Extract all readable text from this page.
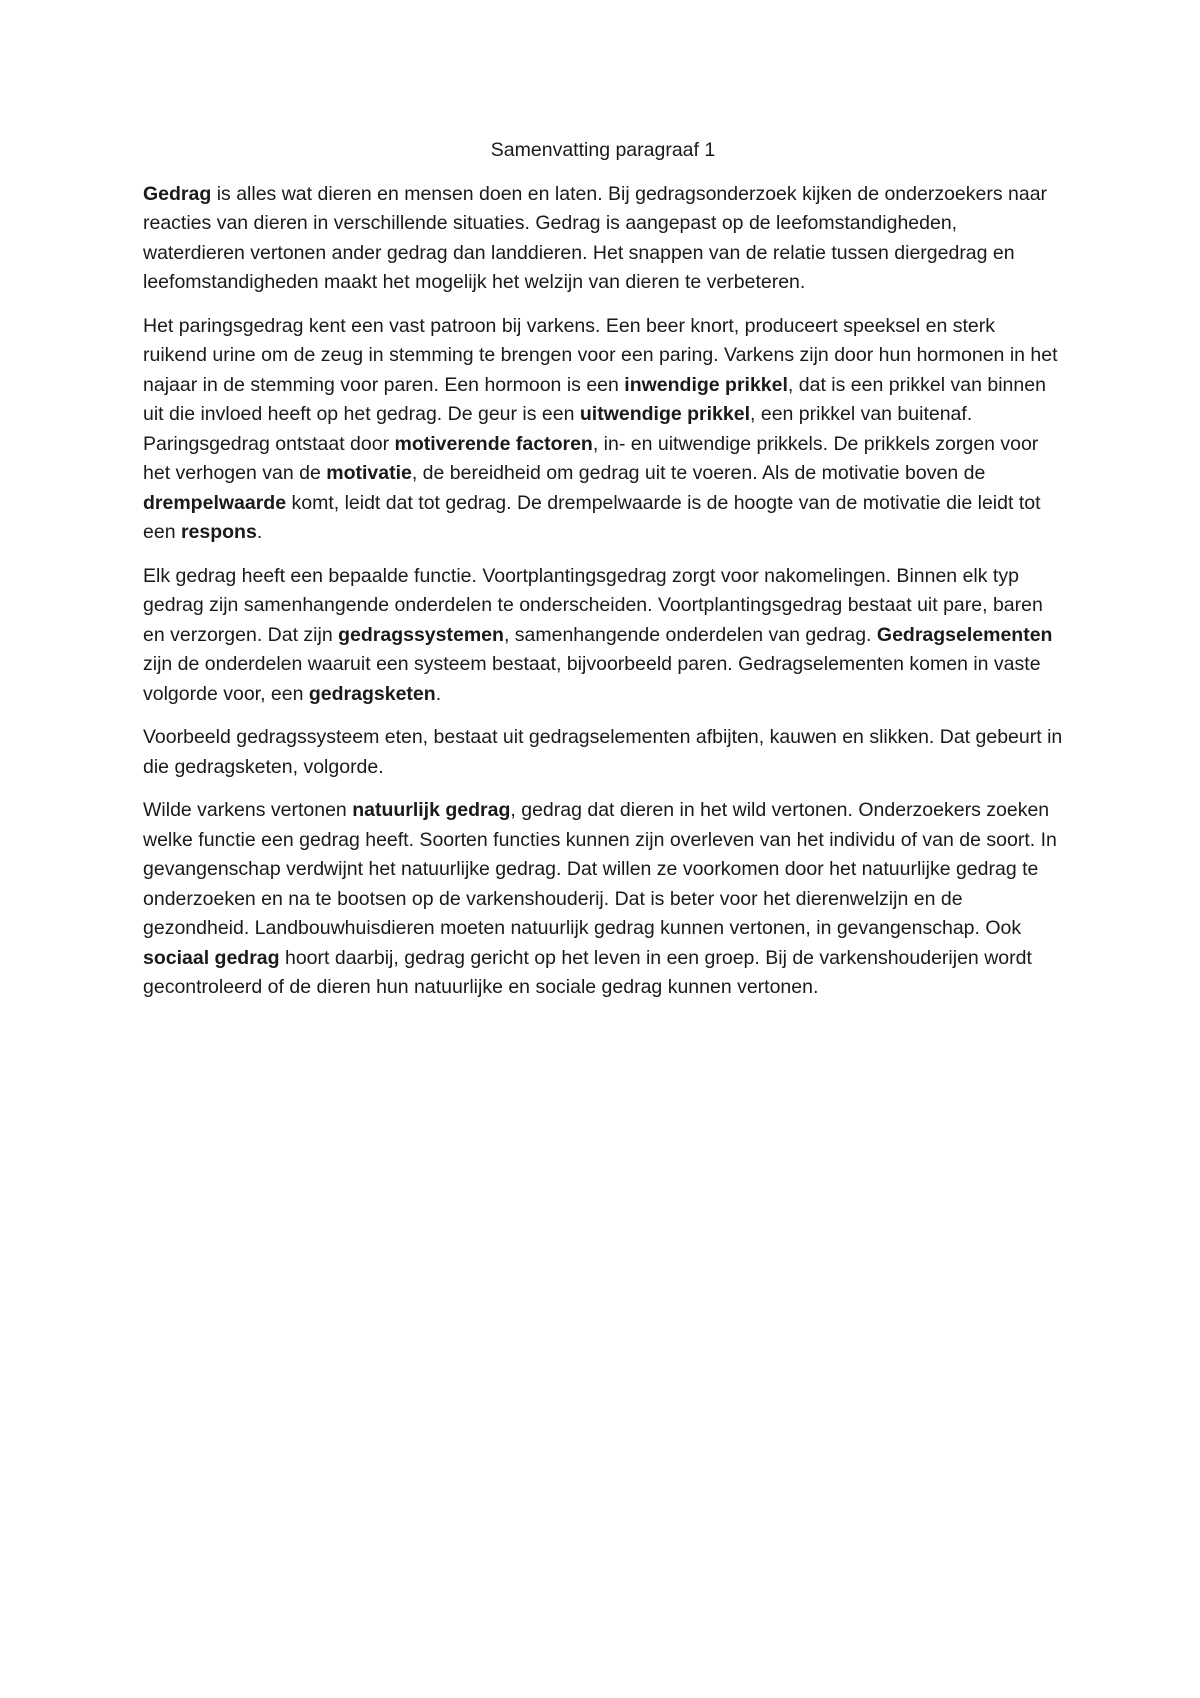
Samenvatting paragraaf 1

Gedrag is alles wat dieren en mensen doen en laten. Bij gedragsonderzoek kijken de onderzoekers naar reacties van dieren in verschillende situaties. Gedrag is aangepast op de leefomstandigheden, waterdieren vertonen ander gedrag dan landdieren. Het snappen van de relatie tussen diergedrag en leefomstandigheden maakt het mogelijk het welzijn van dieren te verbeteren.

Het paringsgedrag kent een vast patroon bij varkens. Een beer knort, produceert speeksel en sterk ruikend urine om de zeug in stemming te brengen voor een paring. Varkens zijn door hun hormonen in het najaar in de stemming voor paren. Een hormoon is een inwendige prikkel, dat is een prikkel van binnen uit die invloed heeft op het gedrag. De geur is een uitwendige prikkel, een prikkel van buitenaf. Paringsgedrag ontstaat door motiverende factoren, in- en uitwendige prikkels. De prikkels zorgen voor het verhogen van de motivatie, de bereidheid om gedrag uit te voeren. Als de motivatie boven de drempelwaarde komt, leidt dat tot gedrag. De drempelwaarde is de hoogte van de motivatie die leidt tot een respons.

Elk gedrag heeft een bepaalde functie. Voortplantingsgedrag zorgt voor nakomelingen. Binnen elk typ gedrag zijn samenhangende onderdelen te onderscheiden. Voortplantingsgedrag bestaat uit pare, baren en verzorgen. Dat zijn gedragssystemen, samenhangende onderdelen van gedrag. Gedragselementen zijn de onderdelen waaruit een systeem bestaat, bijvoorbeeld paren. Gedragselementen komen in vaste volgorde voor, een gedragsketen.

Voorbeeld gedragssysteem eten, bestaat uit gedragselementen afbijten, kauwen en slikken. Dat gebeurt in die gedragsketen, volgorde.

Wilde varkens vertonen natuurlijk gedrag, gedrag dat dieren in het wild vertonen. Onderzoekers zoeken welke functie een gedrag heeft. Soorten functies kunnen zijn overleven van het individu of van de soort. In gevangenschap verdwijnt het natuurlijke gedrag. Dat willen ze voorkomen door het natuurlijke gedrag te onderzoeken en na te bootsen op de varkenshouderij. Dat is beter voor het dierenwelzijn en de gezondheid. Landbouwhuisdieren moeten natuurlijk gedrag kunnen vertonen, in gevangenschap. Ook sociaal gedrag hoort daarbij, gedrag gericht op het leven in een groep. Bij de varkenshouderijen wordt gecontroleerd of de dieren hun natuurlijke en sociale gedrag kunnen vertonen.
